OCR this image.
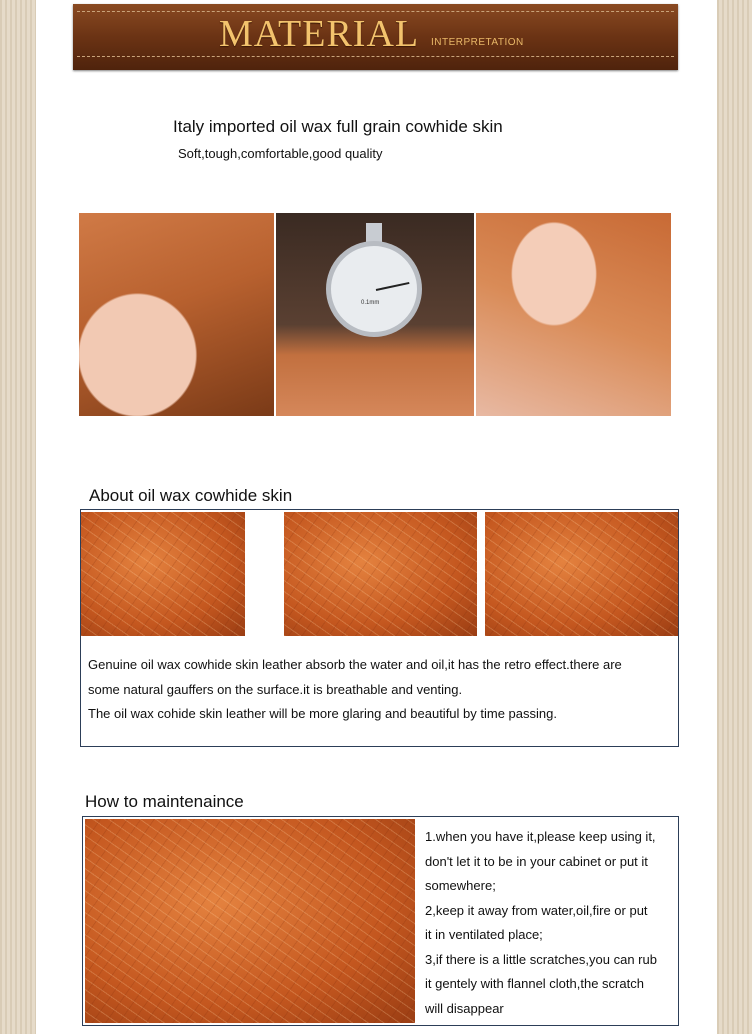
MATERIAL INTERPRETATION
Italy imported oil wax full grain cowhide skin
Soft,tough,comfortable,good quality
0.1mm
About oil wax cowhide skin
Genuine oil wax cowhide skin leather absorb the water and oil,it has the retro effect.there are
some natural gauffers on the surface.it is breathable and venting.
The oil wax cohide skin leather will be more glaring and beautiful by time passing.
How to maintenaince
1.when you have it,please keep using it,
don't let it to be in your cabinet or put it
somewhere;
2,keep it away from water,oil,fire or put
it in ventilated place;
3,if there is a little scratches,you can rub
it gentely with flannel cloth,the scratch
will disappear
